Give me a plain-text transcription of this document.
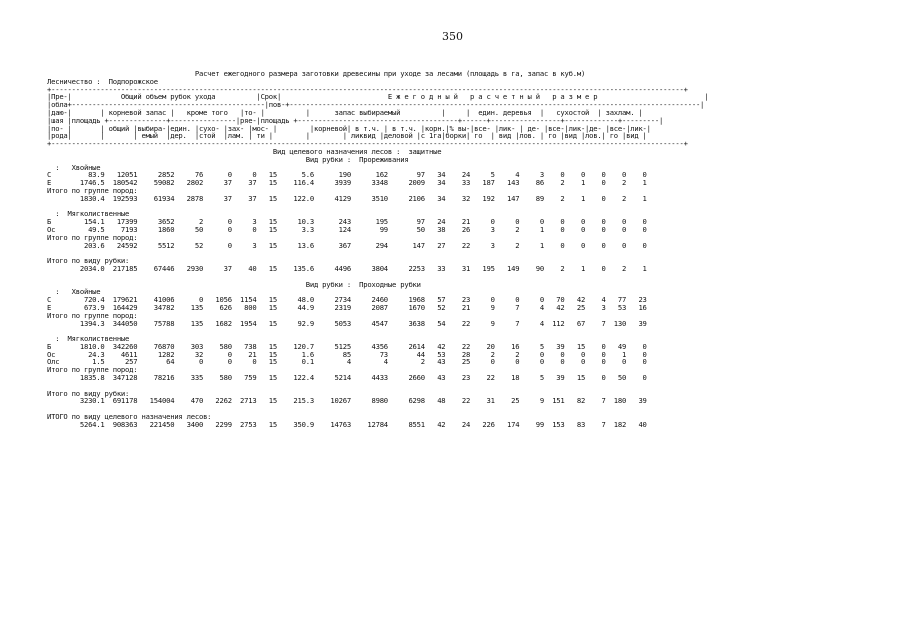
350
Расчет ежегодного размера заготовки древесины при уходе за лесами (площадь в га, запас в куб.м)
Лесничество :  Подпорожское
+----------------------------------------------------------------------------------------------------------------------------------------------------------+
|Пре-|            Общий объем рубок ухода          |Срок|                          Е ж е г о д н ы й   р а с ч е т н ы й   р а з м е р                          |
|обла+-----------------------------------------------|пов-+----------------------------------------------------------------------------------------------------|
|даю-|       | корневой запас |   кроме того   |то- |          |      запас выбираемый          |     |  един. деревья  |   сухостой  | захлам. |
|шая |площадь +--------------+----------------|ряе-|площадь +---------------------------------------+------+-----------------+-------------+---------|
|по- |       | общий |выбира-|един. |сухо- |зах- |мос- |        |корневой| в т.ч. | в т.ч. |корн.|% вы-|все- |лик- | де- |все-|лик-|де- |все-|лик-|
|рода|       |       | емый  |дер.  |стой  |лам. | ти |        |        | ликвид |деловой |с 1га|борки| го  | вид |лов. | го |вид |лов.| го |вид |
+----------------------------------------------------------------------------------------------------------------------------------------------------------+
Вид целевого назначения лесов :  защитные
Вид рубки :  Прореживания
:   Хвойные
С         83.9   12051     2852     76      0     0   15      5.6      190      162       97   34    24     5     4     3    0    0    0    0    0
Е       1746.5  180542    59082   2802     37    37   15    116.4     3939     3348     2009   34    33   187   143    86    2    1    0    2    1
Итого по группе пород:
1830.4  192593    61934   2878     37    37   15    122.0     4129     3510     2106   34    32   192   147    89    2    1    0    2    1

:  Мягколиственные
Б        154.1   17399     3652      2      0     3   15     10.3      243      195       97   24    21     0     0     0    0    0    0    0    0
Ос        49.5    7193     1860     50      0     0   15      3.3      124       99       50   38    26     3     2     1    0    0    0    0    0
Итого по группе пород:
203.6   24592     5512     52      0     3   15     13.6      367      294      147   27    22     3     2     1    0    0    0    0    0

Итого по виду рубки:
2034.0  217185    67446   2930     37    40   15    135.6     4496     3804     2253   33    31   195   149    90    2    1    0    2    1

Вид рубки :  Проходные рубки
:   Хвойные
С        720.4  179621    41006      0   1056  1154   15     48.0     2734     2460     1968   57    23     0     0     0   70   42    4   77   23
Е        673.9  164429    34782    135    626   800   15     44.9     2319     2087     1670   52    21     9     7     4   42   25    3   53   16
Итого по группе пород:
1394.3  344050    75788    135   1682  1954   15     92.9     5053     4547     3638   54    22     9     7     4  112   67    7  130   39

:  Мягколиственные
Б       1810.0  342260    76870    303    580   738   15    120.7     5125     4356     2614   42    22    20    16     5   39   15    0   49    0
Ос        24.3    4611     1282     32      0    21   15      1.6       85       73       44   53    28     2     2     0    0    0    0    1    0
Олс        1.5     257       64      0      0     0   15      0.1        4        4        2   43    25     0     0     0    0    0    0    0    0
Итого по группе пород:
1835.8  347128    78216    335    580   759   15    122.4     5214     4433     2660   43    23    22    18     5   39   15    0   50    0

Итого по виду рубки:
3230.1  691178   154004    470   2262  2713   15    215.3    10267     8980     6298   48    22    31    25     9  151   82    7  180   39

ИТОГО по виду целевого назначения лесов:
5264.1  908363   221450   3400   2299  2753   15    350.9    14763    12784     8551   42    24   226   174    99  153   83    7  182   40
